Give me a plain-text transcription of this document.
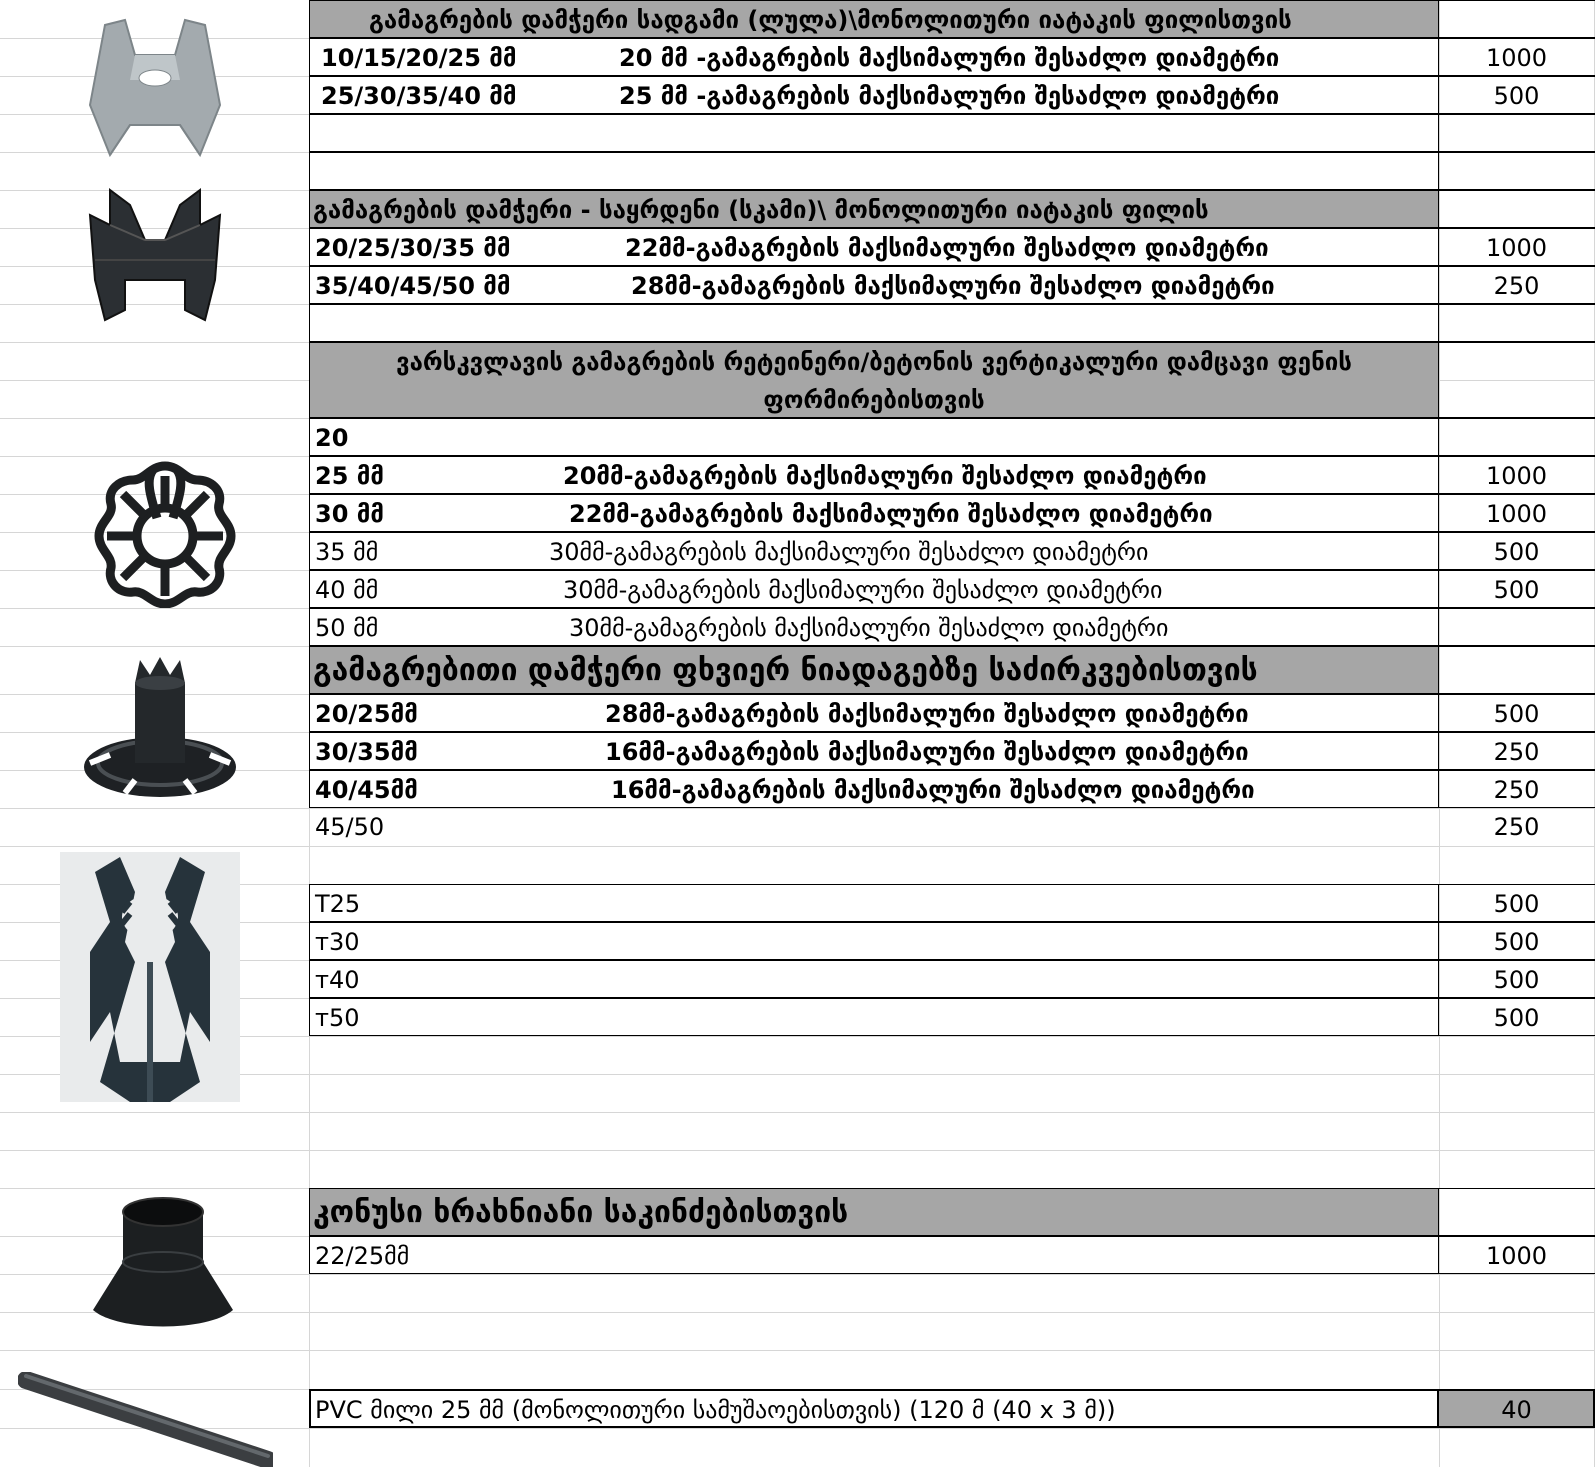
გამაგრების დამჭერი სადგამი (ლულა)\მონოლითური იატაკის ფილისთვის
10/15/20/25 მმ	20 მმ -გამაგრების მაქსიმალური შესაძლო დიამეტრი	1000
25/30/35/40 მმ	25 მმ -გამაგრების მაქსიმალური შესაძლო დიამეტრი	500
გამაგრების დამჭერი - საყრდენი (სკამი)\ მონოლითური იატაკის ფილის
20/25/30/35 მმ	22მმ-გამაგრების მაქსიმალური შესაძლო დიამეტრი	1000
35/40/45/50 მმ	28მმ-გამაგრების მაქსიმალური შესაძლო დიამეტრი	250
ვარსკვლავის გამაგრების რეტეინერი/ბეტონის ვერტიკალური დამცავი ფენის
ფორმირებისთვის
20
25 მმ	20მმ-გამაგრების მაქსიმალური შესაძლო დიამეტრი	1000
30 მმ	22მმ-გამაგრების მაქსიმალური შესაძლო დიამეტრი	1000
35 მმ	30მმ-გამაგრების მაქსიმალური შესაძლო დიამეტრი	500
40 მმ	30მმ-გამაგრების მაქსიმალური შესაძლო დიამეტრი	500
50 მმ	30მმ-გამაგრების მაქსიმალური შესაძლო დიამეტრი
გამაგრებითი დამჭერი ფხვიერ ნიადაგებზე საძირკვებისთვის
20/25მმ	28მმ-გამაგრების მაქსიმალური შესაძლო დიამეტრი	500
30/35მმ	16მმ-გამაგრების მაქსიმალური შესაძლო დიამეტრი	250
40/45მმ	16მმ-გამაგრების მაქსიმალური შესაძლო დიამეტრი	250
45/50	250
T25	500
т30	500
т40	500
т50	500
კონუსი ხრახნიანი საკინძებისთვის
22/25მმ	1000
PVC მილი 25 მმ (მონოლითური სამუშაოებისთვის) (120 მ (40 x 3 მ))	40
